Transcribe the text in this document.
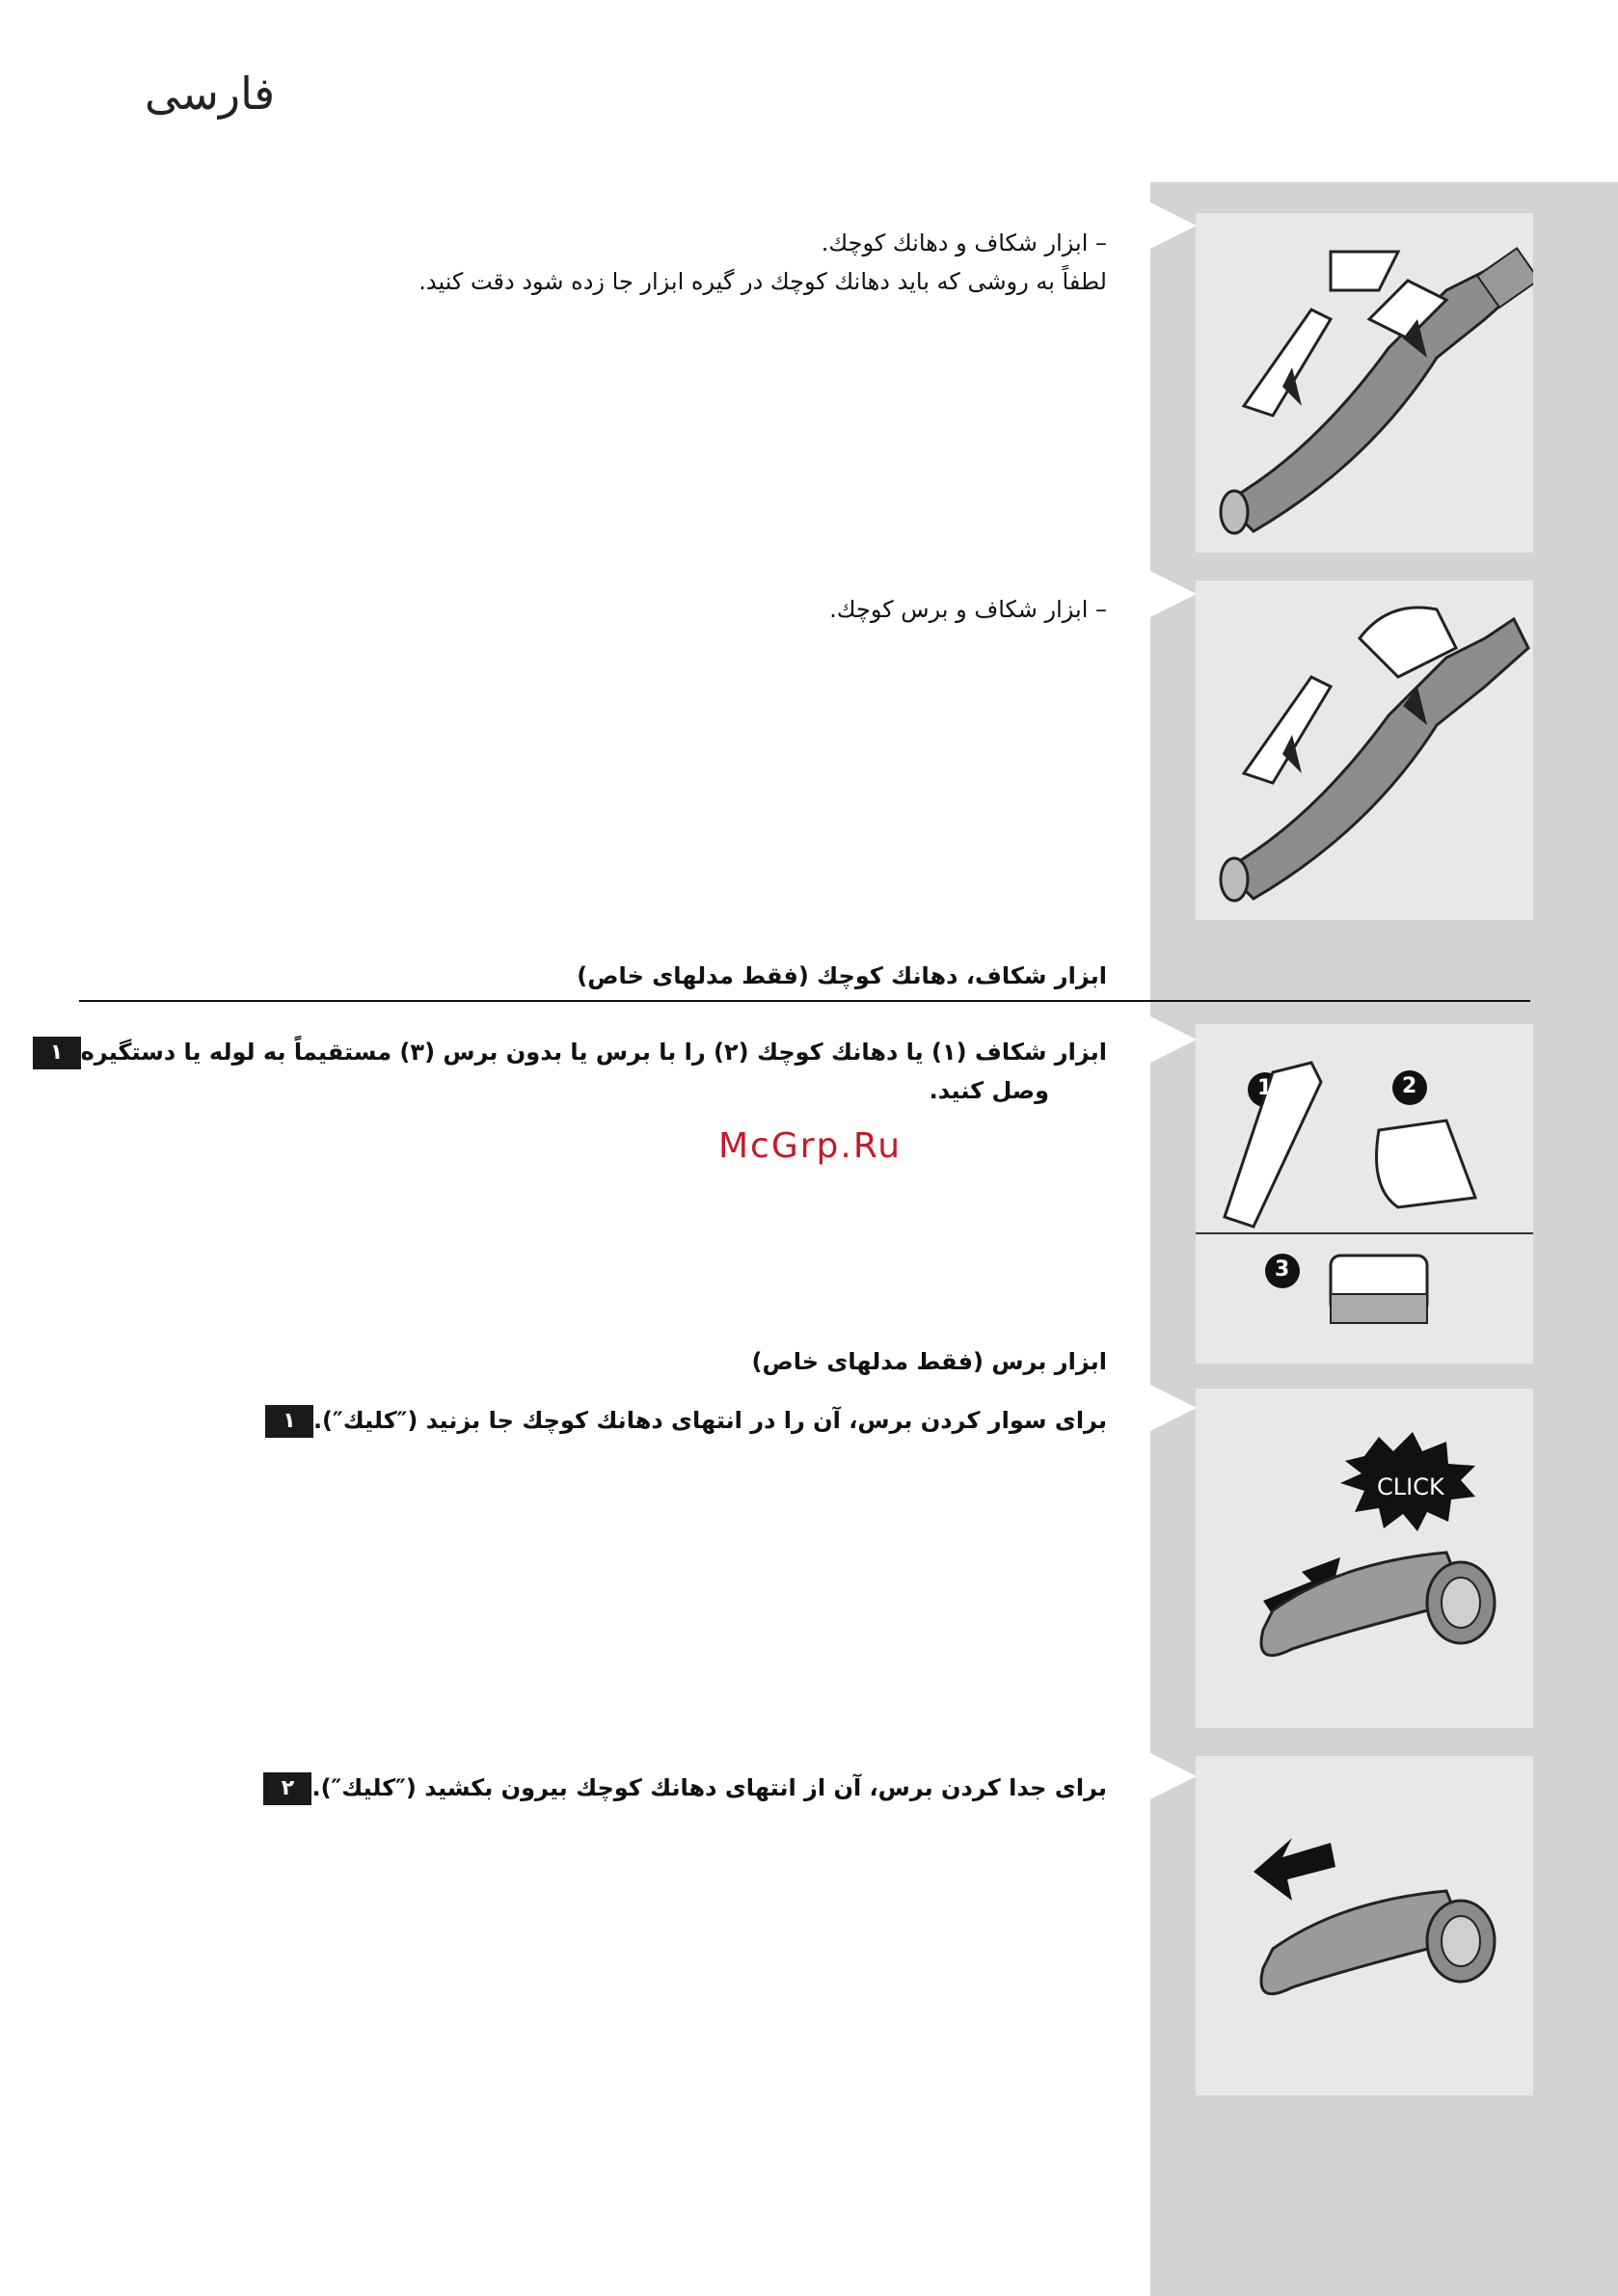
فارسی
– ابزار شکاف و دهانك كوچك.
لطفاً به روشى كه بايد دهانك كوچك در گيره ابزار جا زده شود دقت كنيد.
– ابزار شکاف و برس کوچك.
ابزار شکاف، دهانك كوچك (فقط مدلهاى خاص)
1	2
3
ابزار شکاف (۱) يا دهانك كوچك (۲) را با برس يا بدون برس (۳) مستقيماً به لوله يا دستگيره۱
وصل كنيد.
McGrp.Ru
ابزار برس (فقط مدلهاى خاص)
CLICK
براى سوار كردن برس، آن را در انتهاى دهانك كوچك جا بزنيد (″كليك″).۱
براى جدا كردن برس، آن از انتهاى دهانك كوچك بيرون بكشيد (″كليك″).۲
